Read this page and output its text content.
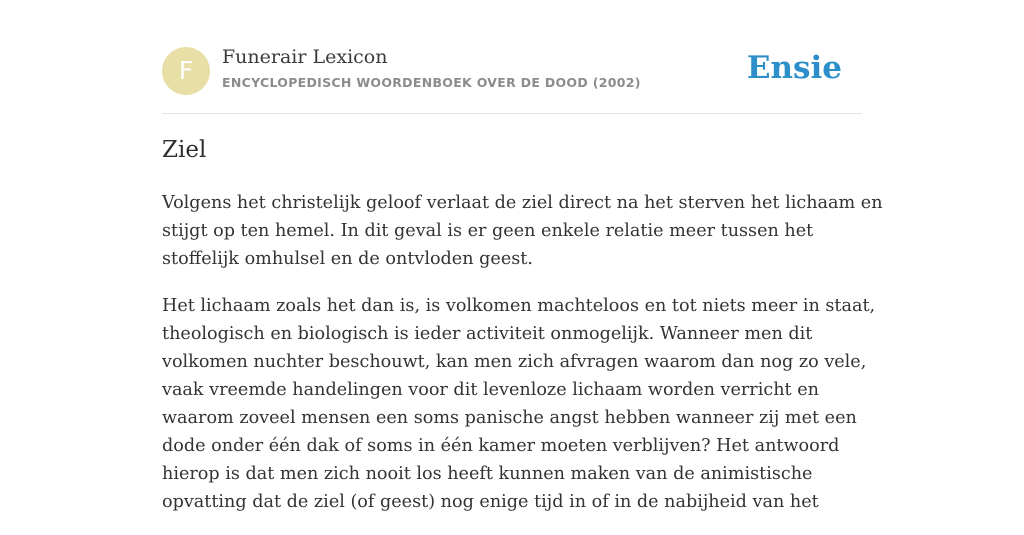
F	Funerair Lexicon
ENCYCLOPEDISCH WOORDENBOEK OVER DE DOOD (2002)	Ensie
Ziel

Volgens het christelijk geloof verlaat de ziel direct na het sterven het lichaam en
stijgt op ten hemel. In dit geval is er geen enkele relatie meer tussen het
stoffelijk omhulsel en de ontvloden geest.

Het lichaam zoals het dan is, is volkomen machteloos en tot niets meer in staat,
theologisch en biologisch is ieder activiteit onmogelijk. Wanneer men dit
volkomen nuchter beschouwt, kan men zich afvragen waarom dan nog zo vele,
vaak vreemde handelingen voor dit levenloze lichaam worden verricht en
waarom zoveel mensen een soms panische angst hebben wanneer zij met een
dode onder één dak of soms in één kamer moeten verblijven? Het antwoord
hierop is dat men zich nooit los heeft kunnen maken van de animistische
opvatting dat de ziel (of geest) nog enige tijd in of in de nabijheid van het
